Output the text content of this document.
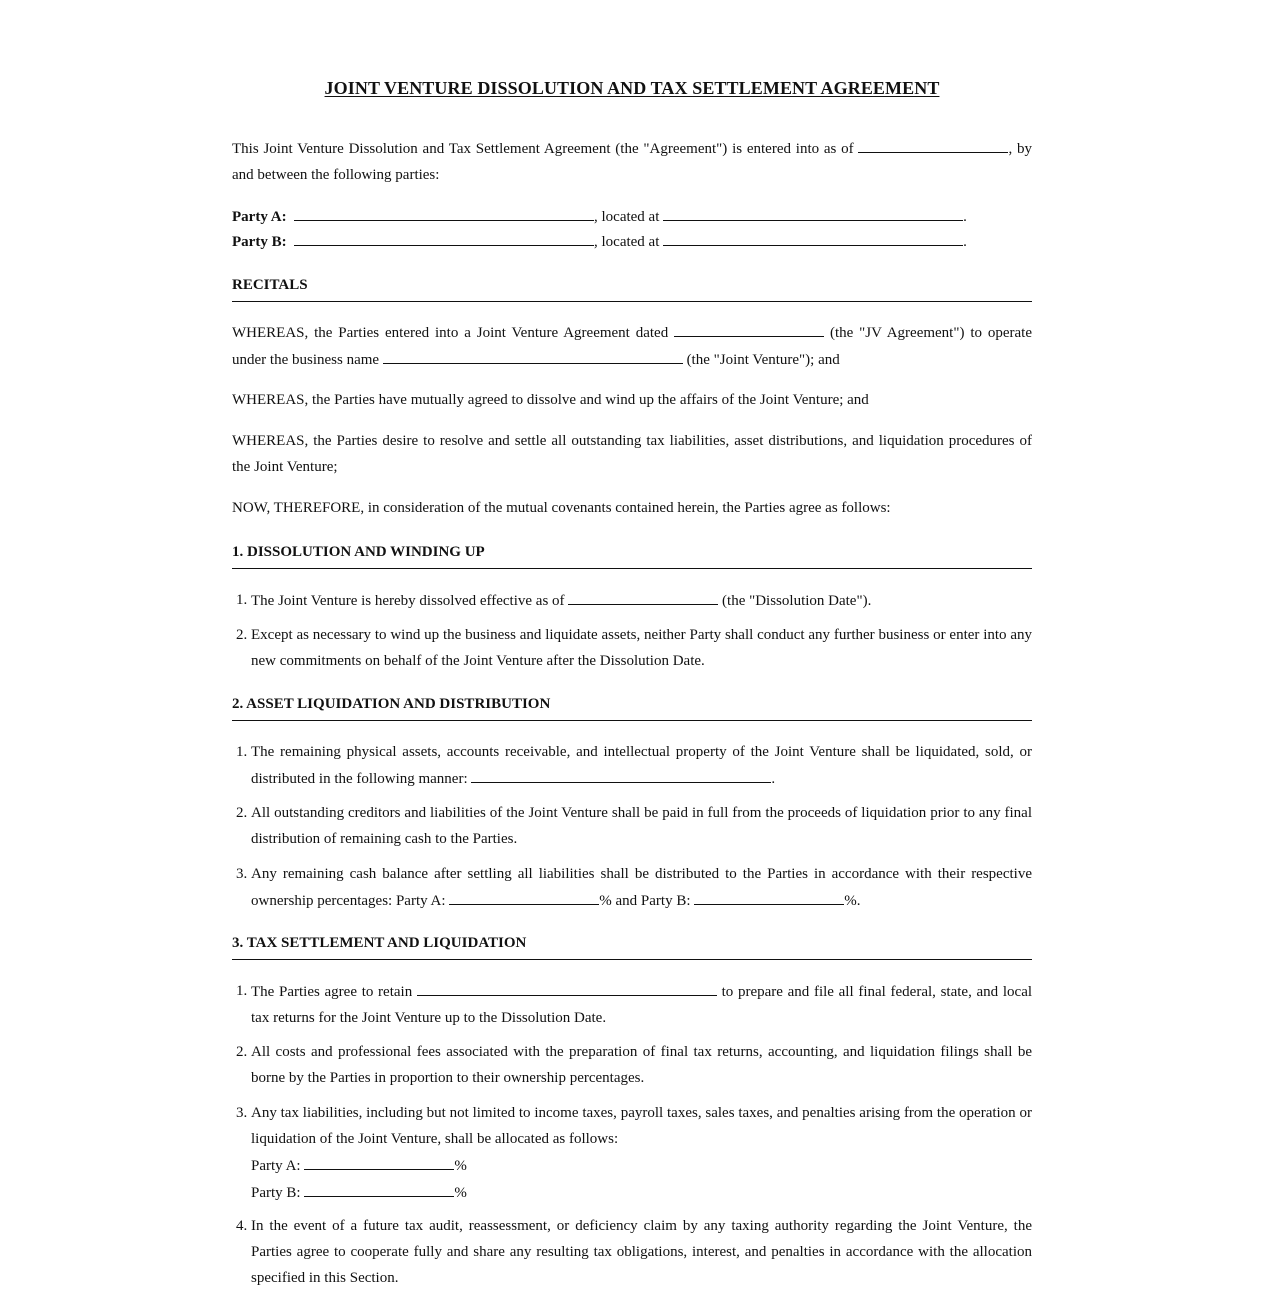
JOINT VENTURE DISSOLUTION AND TAX SETTLEMENT AGREEMENT

This Joint Venture Dissolution and Tax Settlement Agreement (the "Agreement") is entered into as of	, by and between the following parties:

Party A:	, located at	.
Party B:	, located at	.
RECITALS

WHEREAS, the Parties entered into a Joint Venture Agreement dated	(the "JV Agreement") to operate under the business name	(the "Joint Venture"); and

WHEREAS, the Parties have mutually agreed to dissolve and wind up the affairs of the Joint Venture; and

WHEREAS, the Parties desire to resolve and settle all outstanding tax liabilities, asset distributions, and liquidation procedures of the Joint Venture;

NOW, THEREFORE, in consideration of the mutual covenants contained herein, the Parties agree as follows:

1. DISSOLUTION AND WINDING UP
1. The Joint Venture is hereby dissolved effective as of	(the "Dissolution Date").
2. Except as necessary to wind up the business and liquidate assets, neither Party shall conduct any further business or enter into any new commitments on behalf of the Joint Venture after the Dissolution Date.
2. ASSET LIQUIDATION AND DISTRIBUTION
1. The remaining physical assets, accounts receivable, and intellectual property of the Joint Venture shall be liquidated, sold, or distributed in the following manner:	.
2. All outstanding creditors and liabilities of the Joint Venture shall be paid in full from the proceeds of liquidation prior to any final distribution of remaining cash to the Parties.
3. Any remaining cash balance after settling all liabilities shall be distributed to the Parties in accordance with their respective ownership percentages: Party A:	% and Party B:	%.
3. TAX SETTLEMENT AND LIQUIDATION
1. The Parties agree to retain	to prepare and file all final federal, state, and local tax returns for the Joint Venture up to the Dissolution Date.
2. All costs and professional fees associated with the preparation of final tax returns, accounting, and liquidation filings shall be borne by the Parties in proportion to their ownership percentages.
3. Any tax liabilities, including but not limited to income taxes, payroll taxes, sales taxes, and penalties arising from the operation or liquidation of the Joint Venture, shall be allocated as follows:
Party A:	%
Party B:	%
4. In the event of a future tax audit, reassessment, or deficiency claim by any taxing authority regarding the Joint Venture, the Parties agree to cooperate fully and share any resulting tax obligations, interest, and penalties in accordance with the allocation specified in this Section.
